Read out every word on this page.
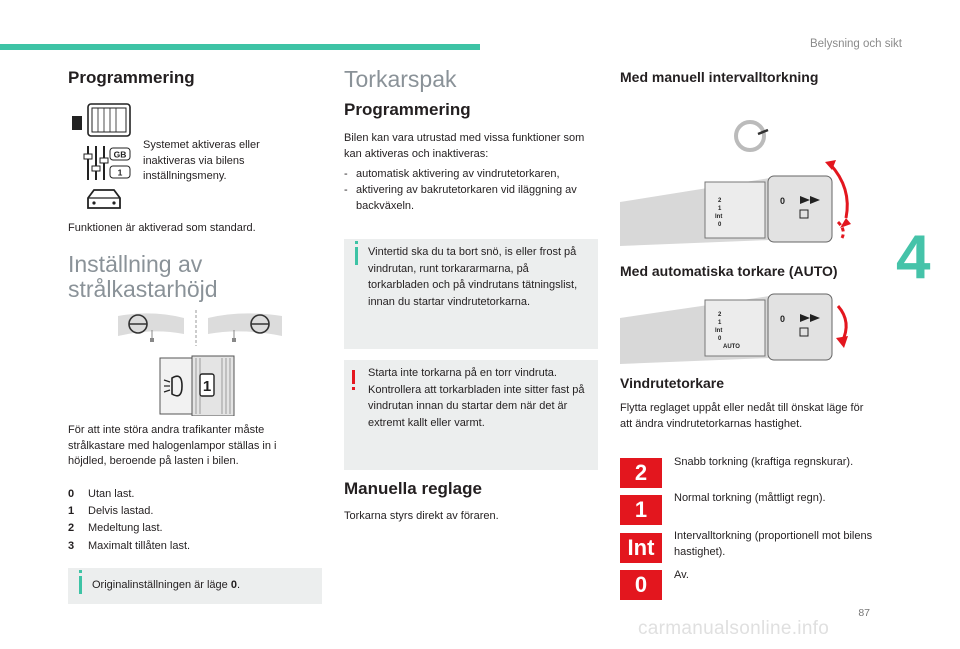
Belysning och sikt
4
87
carmanualsonline.info
Programmering
GB
1
Systemet aktiveras eller inaktiveras via bilens inställningsmeny.
Funktionen är aktiverad som standard.
Inställning av
strålkastarhöjd
1
För att inte störa andra trafikanter måste strålkastare med halogenlampor ställas in i höjdled, beroende på lasten i bilen.
0 Utan last.
1 Delvis lastad.
2 Medeltung last.
3 Maximalt tillåten last.
Originalinställningen är läge 0.
Torkarspak
Programmering
Bilen kan vara utrustad med vissa funktioner som kan aktiveras och inaktiveras:
- automatisk aktivering av vindrutetorkaren,
- aktivering av bakrutetorkaren vid iläggning av backväxeln.
Vintertid ska du ta bort snö, is eller frost på vindrutan, runt torkararmarna, på torkarbladen och på vindrutans tätningslist, innan du startar vindrutetorkarna.
Starta inte torkarna på en torr vindruta. Kontrollera att torkarbladen inte sitter fast på vindrutan innan du startar dem när det är extremt kallt eller varmt.
Manuella reglage
Torkarna styrs direkt av föraren.
Med manuell intervalltorkning
2
1
Int
0
0
Med automatiska torkare (AUTO)
2
1
Int
0
AUTO
0
Vindrutetorkare
Flytta reglaget uppåt eller nedåt till önskat läge för att ändra vindrutetorkarnas hastighet.
2	Snabb torkning (kraftiga regnskurar).
1	Normal torkning (måttligt regn).
Int	Intervalltorkning (proportionell mot bilens hastighet).
0	Av.
